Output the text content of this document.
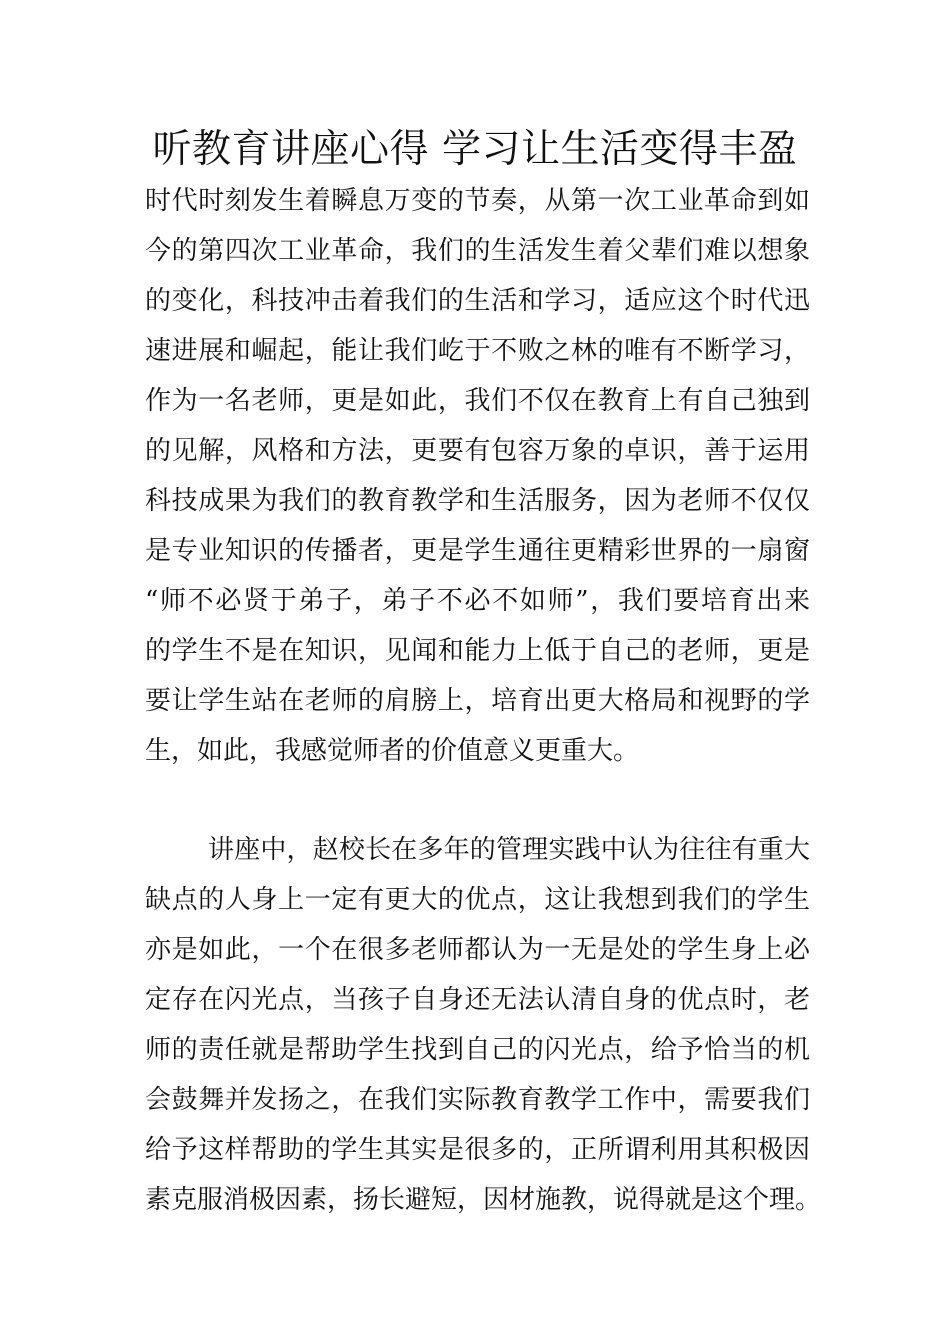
听教育讲座心得 学习让生活变得丰盈
时代时刻发生着瞬息万变的节奏，从第一次工业革命到如
今的第四次工业革命，我们的生活发生着父辈们难以想象
的变化，科技冲击着我们的生活和学习，适应这个时代迅
速进展和崛起，能让我们屹于不败之林的唯有不断学习，
作为一名老师，更是如此，我们不仅在教育上有自己独到
的见解，风格和方法，更要有包容万象的卓识，善于运用
科技成果为我们的教育教学和生活服务，因为老师不仅仅
是专业知识的传播者，更是学生通往更精彩世界的一扇窗
“师不必贤于弟子，弟子不必不如师”，我们要培育出来
的学生不是在知识，见闻和能力上低于自己的老师，更是
要让学生站在老师的肩膀上，培育出更大格局和视野的学
生，如此，我感觉师者的价值意义更重大。
讲座中，赵校长在多年的管理实践中认为往往有重大
缺点的人身上一定有更大的优点，这让我想到我们的学生
亦是如此，一个在很多老师都认为一无是处的学生身上必
定存在闪光点，当孩子自身还无法认清自身的优点时，老
师的责任就是帮助学生找到自己的闪光点，给予恰当的机
会鼓舞并发扬之，在我们实际教育教学工作中，需要我们
给予这样帮助的学生其实是很多的，正所谓利用其积极因
素克服消极因素，扬长避短，因材施教，说得就是这个理。
